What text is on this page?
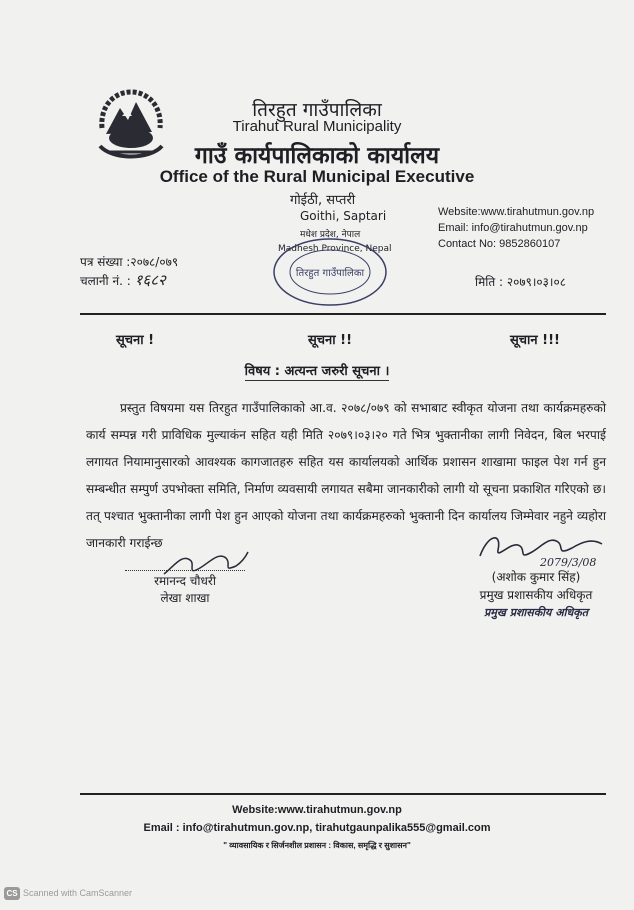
तिरहुत गाउँपालिका
Tirahut Rural Municipality
गाउँ कार्यपालिकाको कार्यालय
Office of the Rural Municipal Executive
गोईठी, सप्तरी
Goithi, Saptari
मधेश प्रदेश, नेपाल
Madhesh Province, Nepal
Website:www.tirahutmun.gov.np
Email: info@tirahutmun.gov.np
Contact No: 9852860107
तिरहुत गाउँपालिका
पत्र संख्या :२०७८/०७९
चलानी नं. : १६८२	मिति : २०७९।०३।०८
सूचना !	सूचना !!	सूचान !!!
विषय : अत्यन्त जरुरी सूचना ।

प्रस्तुत विषयमा यस तिरहुत गाउँपालिकाको आ.व. २०७८/०७९ को सभाबाट स्वीकृत योजना तथा कार्यक्रमहरुको कार्य सम्पन्न गरी प्राविधिक मुल्याकंन सहित यही मिति २०७९।०३।२० गते भित्र भुक्तानीका लागी निवेदन, बिल भरपाई लगायत नियामानुसारको आवश्यक कागजातहरु सहित यस कार्यालयको आर्थिक प्रशासन शाखामा फाइल पेश गर्न हुन सम्बन्धीत सम्पुर्ण उपभोक्ता समिति, निर्माण व्यवसायी लगायत सबैमा जानकारीको लागी यो सूचना प्रकाशित गरिएको छ। तत् पश्चात भुक्तानीका लागी पेश हुन आएको योजना तथा कार्यक्रमहरुको भुक्तानी दिन कार्यालय जिम्मेवार नहुने व्यहोरा जानकारी गराईन्छ

रमानन्द चौधरी
लेखा शाखा
2079/3/08
(अशोक कुमार सिंह)
प्रमुख प्रशासकीय अधिकृत
प्रमुख प्रशासकीय अधिकृत
Website:www.tirahutmun.gov.np
Email : info@tirahutmun.gov.np, tirahutgaunpalika555@gmail.com
" व्यावसायिक र सिर्जनशील प्रशासन : विकास, समृद्धि र सुशासन"
CS Scanned with CamScanner
